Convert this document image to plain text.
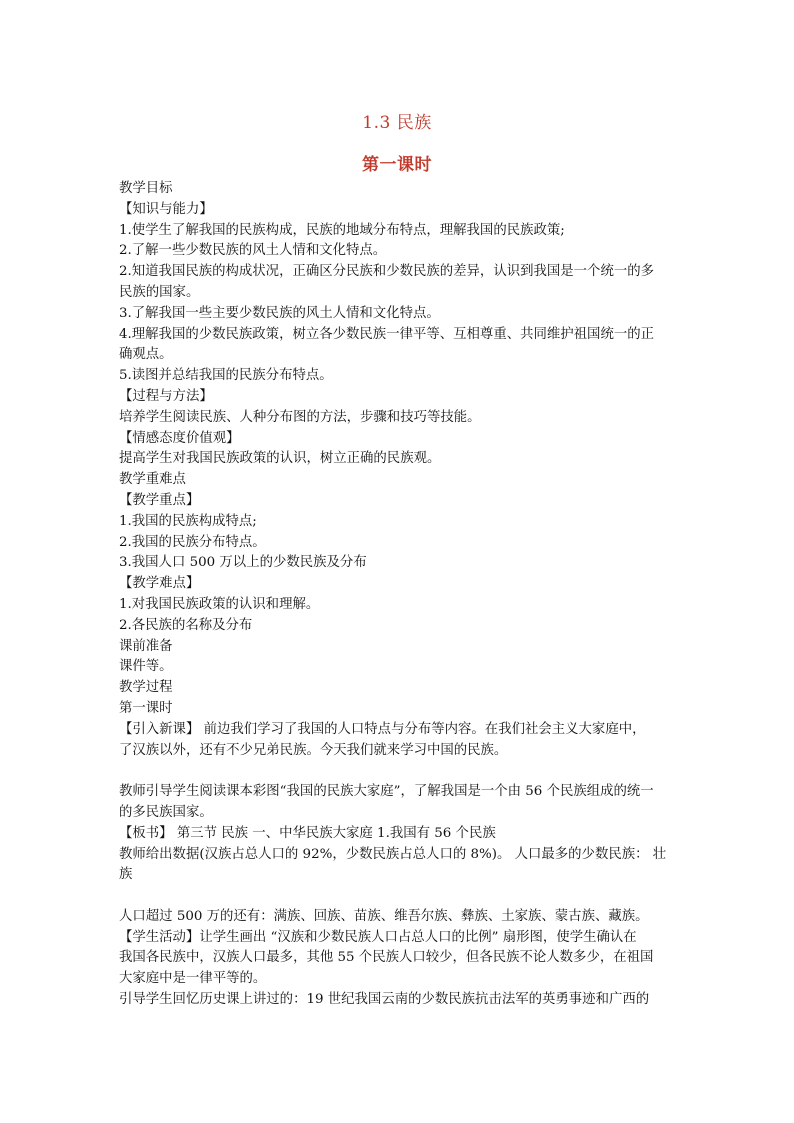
1.3 民族
第一课时
教学目标
【知识与能力】
1.使学生了解我国的民族构成，民族的地域分布特点，理解我国的民族政策;
2.了解一些少数民族的风土人情和文化特点。
2.知道我国民族的构成状况，正确区分民族和少数民族的差异，认识到我国是一个统一的多
民族的国家。
3.了解我国一些主要少数民族的风土人情和文化特点。
4.理解我国的少数民族政策，树立各少数民族一律平等、互相尊重、共同维护祖国统一的正
确观点。
5.读图并总结我国的民族分布特点。
【过程与方法】
培养学生阅读民族、人种分布图的方法，步骤和技巧等技能。
【情感态度价值观】
提高学生对我国民族政策的认识，树立正确的民族观。
教学重难点
【教学重点】
1.我国的民族构成特点;
2.我国的民族分布特点。
3.我国人口 500 万以上的少数民族及分布
【教学难点】
1.对我国民族政策的认识和理解。
2.各民族的名称及分布
课前准备
课件等。
教学过程
第一课时
【引入新课】 前边我们学习了我国的人口特点与分布等内容。在我们社会主义大家庭中，
了汉族以外，还有不少兄弟民族。今天我们就来学习中国的民族。
教师引导学生阅读课本彩图“我国的民族大家庭”，了解我国是一个由 56 个民族组成的统一
的多民族国家。
【板书】 第三节 民族 一、中华民族大家庭 1.我国有 56 个民族
教师给出数据(汉族占总人口的 92%，少数民族占总人口的 8%)。 人口最多的少数民族： 壮
族
人口超过 500 万的还有：满族、回族、苗族、维吾尔族、彝族、土家族、蒙古族、藏族。
【学生活动】让学生画出 “汉族和少数民族人口占总人口的比例” 扇形图，使学生确认在
我国各民族中，汉族人口最多，其他 55 个民族人口较少，但各民族不论人数多少，在祖国
大家庭中是一律平等的。
引导学生回忆历史课上讲过的：19 世纪我国云南的少数民族抗击法军的英勇事迹和广西的
